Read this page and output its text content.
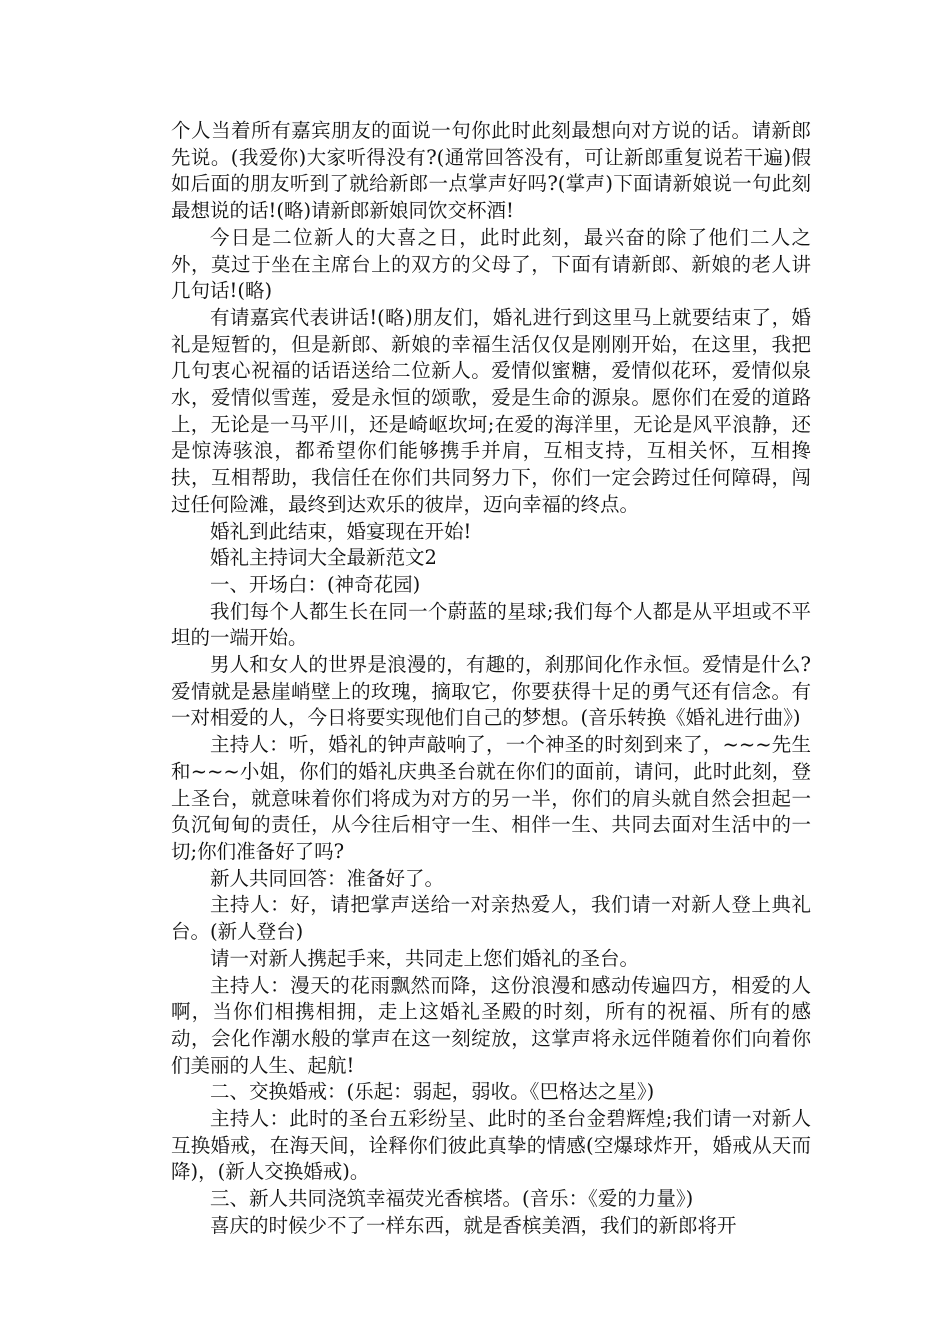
个人当着所有嘉宾朋友的面说一句你此时此刻最想向对方说的话。请新郎先说。(我爱你)大家听得没有?(通常回答没有，可让新郎重复说若干遍)假如后面的朋友听到了就给新郎一点掌声好吗?(掌声)下面请新娘说一句此刻最想说的话!(略)请新郎新娘同饮交杯酒!

今日是二位新人的大喜之日，此时此刻，最兴奋的除了他们二人之外，莫过于坐在主席台上的双方的父母了，下面有请新郎、新娘的老人讲几句话!(略)

有请嘉宾代表讲话!(略)朋友们，婚礼进行到这里马上就要结束了，婚礼是短暂的，但是新郎、新娘的幸福生活仅仅是刚刚开始，在这里，我把几句衷心祝福的话语送给二位新人。爱情似蜜糖，爱情似花环，爱情似泉水，爱情似雪莲，爱是永恒的颂歌，爱是生命的源泉。愿你们在爱的道路上，无论是一马平川，还是崎岖坎坷;在爱的海洋里，无论是风平浪静，还是惊涛骇浪，都希望你们能够携手并肩，互相支持，互相关怀，互相搀扶，互相帮助，我信任在你们共同努力下，你们一定会跨过任何障碍，闯过任何险滩，最终到达欢乐的彼岸，迈向幸福的终点。

婚礼到此结束，婚宴现在开始!

婚礼主持词大全最新范文2

一、开场白：(神奇花园)

我们每个人都生长在同一个蔚蓝的星球;我们每个人都是从平坦或不平坦的一端开始。

男人和女人的世界是浪漫的，有趣的，刹那间化作永恒。爱情是什么?爱情就是悬崖峭壁上的玫瑰，摘取它，你要获得十足的勇气还有信念。有一对相爱的人，今日将要实现他们自己的梦想。(音乐转换《婚礼进行曲》)

主持人：听，婚礼的钟声敲响了，一个神圣的时刻到来了，~~~先生和~~~小姐，你们的婚礼庆典圣台就在你们的面前，请问，此时此刻，登上圣台，就意味着你们将成为对方的另一半，你们的肩头就自然会担起一负沉甸甸的责任，从今往后相守一生、相伴一生、共同去面对生活中的一切;你们准备好了吗?

新人共同回答：准备好了。

主持人：好，请把掌声送给一对亲热爱人，我们请一对新人登上典礼台。(新人登台)

请一对新人携起手来，共同走上您们婚礼的圣台。

主持人：漫天的花雨飘然而降，这份浪漫和感动传遍四方，相爱的人啊，当你们相携相拥，走上这婚礼圣殿的时刻，所有的祝福、所有的感动，会化作潮水般的掌声在这一刻绽放，这掌声将永远伴随着你们向着你们美丽的人生、起航!

二、交换婚戒：(乐起：弱起，弱收。《巴格达之星》)

主持人：此时的圣台五彩纷呈、此时的圣台金碧辉煌;我们请一对新人互换婚戒，在海天间，诠释你们彼此真挚的情感(空爆球炸开，婚戒从天而降)，(新人交换婚戒)。

三、新人共同浇筑幸福荧光香槟塔。(音乐：《爱的力量》)

喜庆的时候少不了一样东西，就是香槟美酒，我们的新郎将开
